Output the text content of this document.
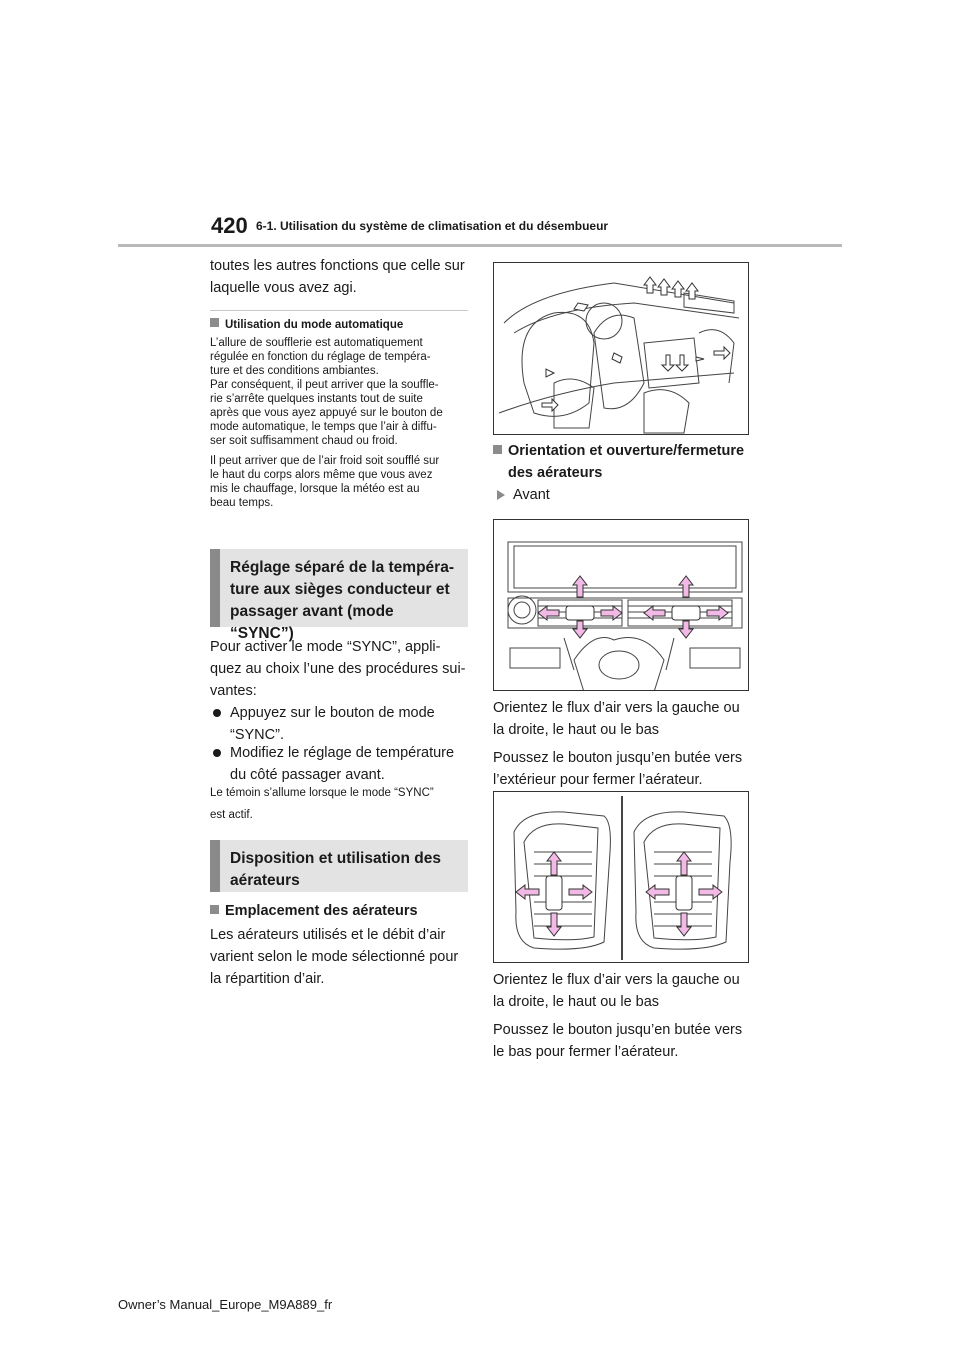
420 6-1. Utilisation du système de climatisation et du désembueur

toutes les autres fonctions que celle sur

laquelle vous avez agi.

Utilisation du mode automatique

L’allure de soufflerie est automatiquement

régulée en fonction du réglage de tempéra-

ture et des conditions ambiantes.

Par conséquent, il peut arriver que la souffle-

rie s’arrête quelques instants tout de suite

après que vous ayez appuyé sur le bouton de

mode automatique, le temps que l’air à diffu-

ser soit suffisamment chaud ou froid.

Il peut arriver que de l’air froid soit soufflé sur

le haut du corps alors même que vous avez

mis le chauffage, lorsque la météo est au

beau temps.

Réglage séparé de la tempéra-
ture aux sièges conducteur et
passager avant (mode “SYNC”)

Pour activer le mode “SYNC”, appli-

quez au choix l’une des procédures sui-

vantes:

Appuyez sur le bouton de mode

“SYNC”.

Modifiez le réglage de température

du côté passager avant.

Le témoin s’allume lorsque le mode “SYNC”

est actif.

Disposition et utilisation des
aérateurs

Emplacement des aérateurs

Les aérateurs utilisés et le débit d’air

varient selon le mode sélectionné pour

la répartition d’air.

Orientation et ouverture/fermeture

des aérateurs

Avant

Orientez le flux d’air vers la gauche ou

la droite, le haut ou le bas

Poussez le bouton jusqu’en butée vers

l’extérieur pour fermer l’aérateur.

Orientez le flux d’air vers la gauche ou

la droite, le haut ou le bas

Poussez le bouton jusqu’en butée vers

le bas pour fermer l’aérateur.

Owner’s Manual_Europe_M9A889_fr
